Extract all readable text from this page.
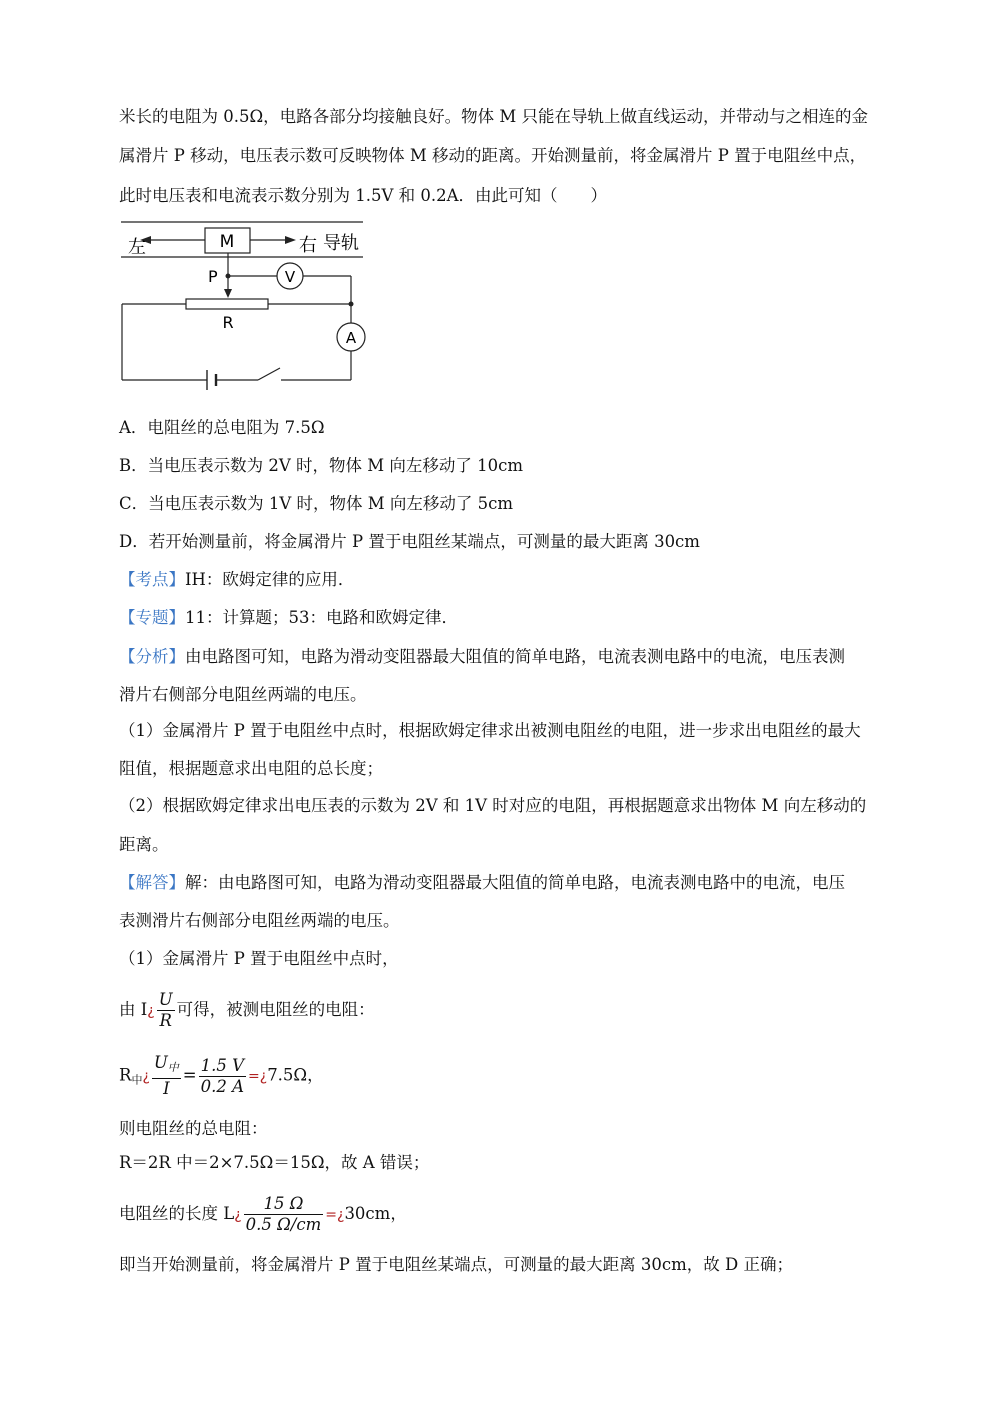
米长的电阻为 0.5Ω，电路各部分均接触良好。物体 M 只能在导轨上做直线运动，并带动与之相连的金
属滑片 P 移动，电压表示数可反映物体 M 移动的距离。开始测量前，将金属滑片 P 置于电阻丝中点，
此时电压表和电流表示数分别为 1.5V 和 0.2A．由此可知（　　）
M
左	右 导轨
P	V
R
A
A．电阻丝的总电阻为 7.5Ω
B．当电压表示数为 2V 时，物体 M 向左移动了 10cm
C．当电压表示数为 1V 时，物体 M 向左移动了 5cm
D．若开始测量前，将金属滑片 P 置于电阻丝某端点，可测量的最大距离 30cm
【考点】IH：欧姆定律的应用．
【专题】11：计算题；53：电路和欧姆定律．
【分析】由电路图可知，电路为滑动变阻器最大阻值的简单电路，电流表测电路中的电流，电压表测
滑片右侧部分电阻丝两端的电压。
（1）金属滑片 P 置于电阻丝中点时，根据欧姆定律求出被测电阻丝的电阻，进一步求出电阻丝的最大
阻值，根据题意求出电阻的总长度；
（2）根据欧姆定律求出电压表的示数为 2V 和 1V 时对应的电阻，再根据题意求出物体 M 向左移动的
距离。
【解答】解：由电路图可知，电路为滑动变阻器最大阻值的简单电路，电流表测电路中的电流，电压
表测滑片右侧部分电阻丝两端的电压。
（1）金属滑片 P 置于电阻丝中点时，
由 I¿ $\frac{U}{R}$ 可得，被测电阻丝的电阻：
$R_中¿ \frac{U_中}{I} = \frac{1.5 V}{0.2 A}$ =¿7.5Ω，
则电阻丝的总电阻：
R＝2R 中＝2×7.5Ω＝15Ω，故 A 错误；
电阻丝的长度 L¿ $\frac{15 \Omega}{0.5 \Omega/cm}$ =¿30cm，
即当开始测量前，将金属滑片 P 置于电阻丝某端点，可测量的最大距离 30cm，故 D 正确；
